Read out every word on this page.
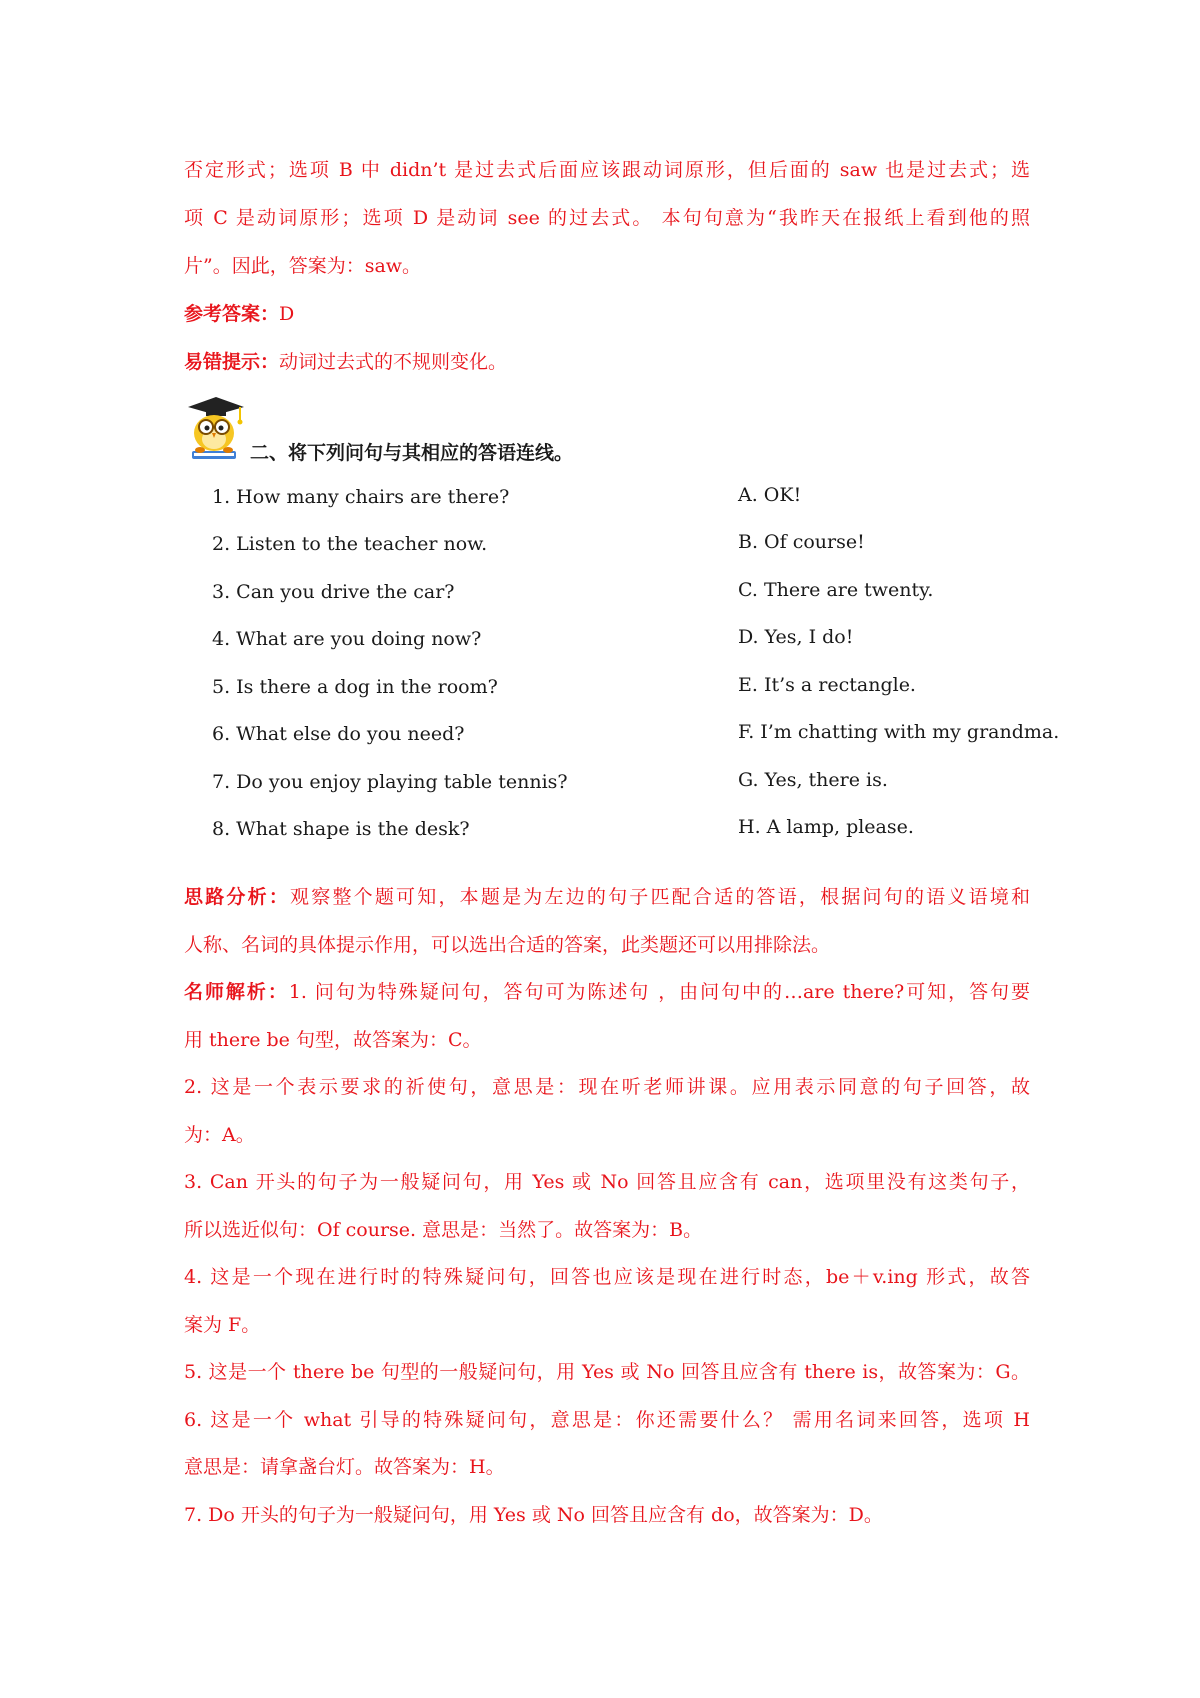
否定形式；选项 B 中 didn’t 是过去式后面应该跟动词原形，但后面的 saw 也是过去式；选
项 C 是动词原形；选项 D 是动词 see 的过去式。 本句句意为“我昨天在报纸上看到他的照
片”。因此，答案为：saw。
参考答案：D
易错提示：动词过去式的不规则变化。
二、将下列问句与其相应的答语连线。
1. How many chairs are there?
2. Listen to the teacher now.
3. Can you drive the car?
4. What are you doing now?
5. Is there a dog in the room?
6. What else do you need?
7. Do you enjoy playing table tennis?
8. What shape is the desk?
A. OK!
B. Of course!
C. There are twenty.
D. Yes, I do!
E. It’s a rectangle.
F. I’m chatting with my grandma.
G. Yes, there is.
H. A lamp, please.
思路分析：观察整个题可知，本题是为左边的句子匹配合适的答语，根据问句的语义语境和
人称、名词的具体提示作用，可以选出合适的答案，此类题还可以用排除法。
名师解析：1. 问句为特殊疑问句，答句可为陈述句 ，由问句中的…are there?可知，答句要
用 there be 句型，故答案为：C。
2. 这是一个表示要求的祈使句，意思是：现在听老师讲课。应用表示同意的句子回答，故
为：A。
3. Can 开头的句子为一般疑问句，用 Yes 或 No 回答且应含有 can，选项里没有这类句子，
所以选近似句：Of course. 意思是：当然了。故答案为：B。
4. 这是一个现在进行时的特殊疑问句，回答也应该是现在进行时态，be＋v.ing 形式，故答
案为 F。
5. 这是一个 there be 句型的一般疑问句，用 Yes 或 No 回答且应含有 there is，故答案为：G。
6. 这是一个 what 引导的特殊疑问句，意思是：你还需要什么？ 需用名词来回答，选项 H
意思是：请拿盏台灯。故答案为：H。
7. Do 开头的句子为一般疑问句，用 Yes 或 No 回答且应含有 do，故答案为：D。
